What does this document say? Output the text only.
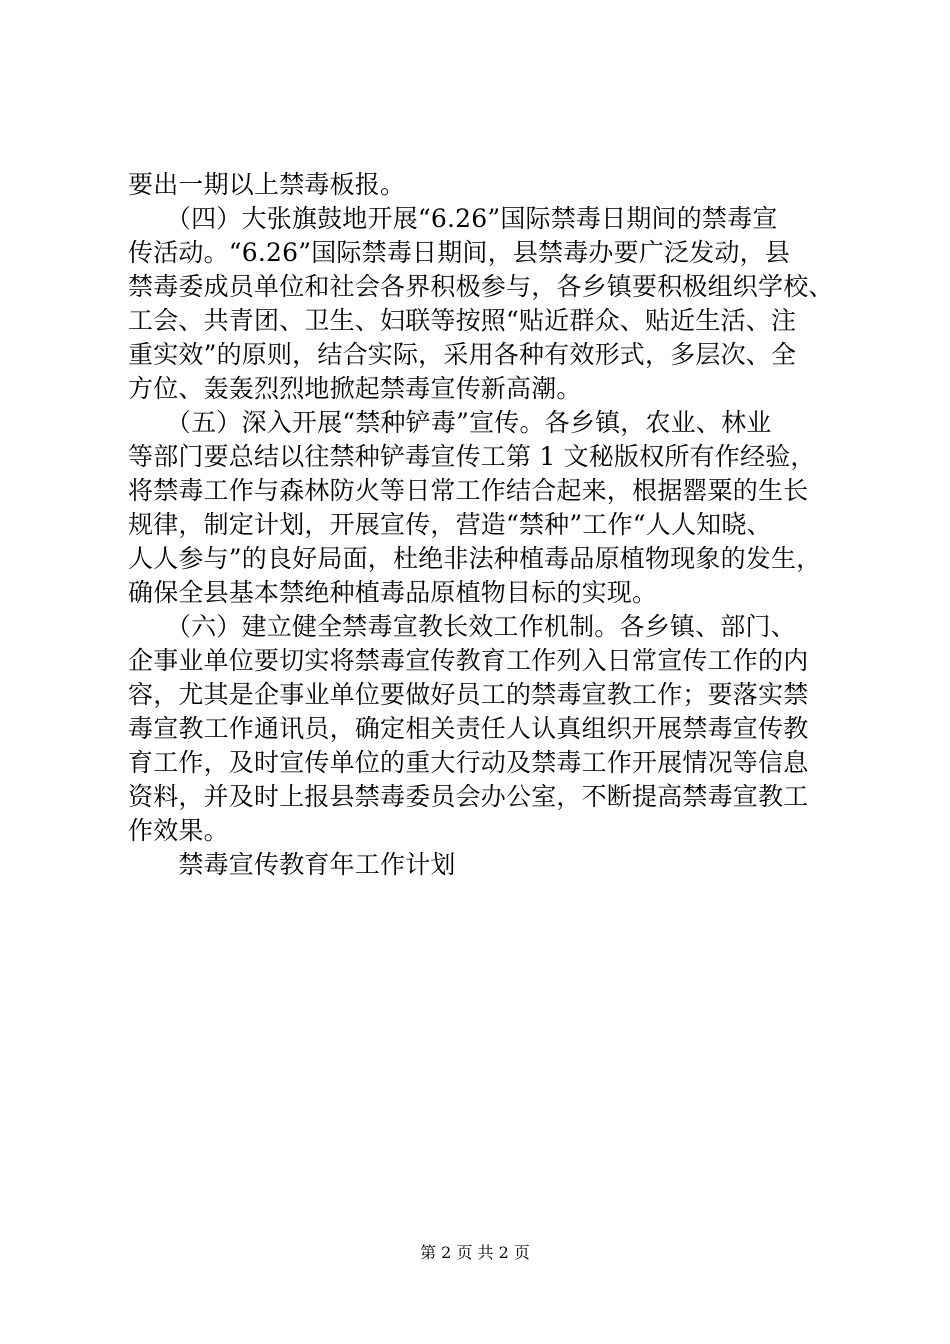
要出一期以上禁毒板报。
　　（四）大张旗鼓地开展“6.26”国际禁毒日期间的禁毒宣
传活动。“6.26”国际禁毒日期间，县禁毒办要广泛发动，县
禁毒委成员单位和社会各界积极参与，各乡镇要积极组织学校、
工会、共青团、卫生、妇联等按照“贴近群众、贴近生活、注
重实效”的原则，结合实际，采用各种有效形式，多层次、全
方位、轰轰烈烈地掀起禁毒宣传新高潮。
　　（五）深入开展“禁种铲毒”宣传。各乡镇，农业、林业
等部门要总结以往禁种铲毒宣传工第 1 文秘版权所有作经验，
将禁毒工作与森林防火等日常工作结合起来，根据罂粟的生长
规律，制定计划，开展宣传，营造“禁种”工作“人人知晓、
人人参与”的良好局面，杜绝非法种植毒品原植物现象的发生，
确保全县基本禁绝种植毒品原植物目标的实现。
　　（六）建立健全禁毒宣教长效工作机制。各乡镇、部门、
企事业单位要切实将禁毒宣传教育工作列入日常宣传工作的内
容，尤其是企事业单位要做好员工的禁毒宣教工作；要落实禁
毒宣教工作通讯员，确定相关责任人认真组织开展禁毒宣传教
育工作，及时宣传单位的重大行动及禁毒工作开展情况等信息
资料，并及时上报县禁毒委员会办公室，不断提高禁毒宣教工
作效果。
　　禁毒宣传教育年工作计划
第 2 页 共 2 页
